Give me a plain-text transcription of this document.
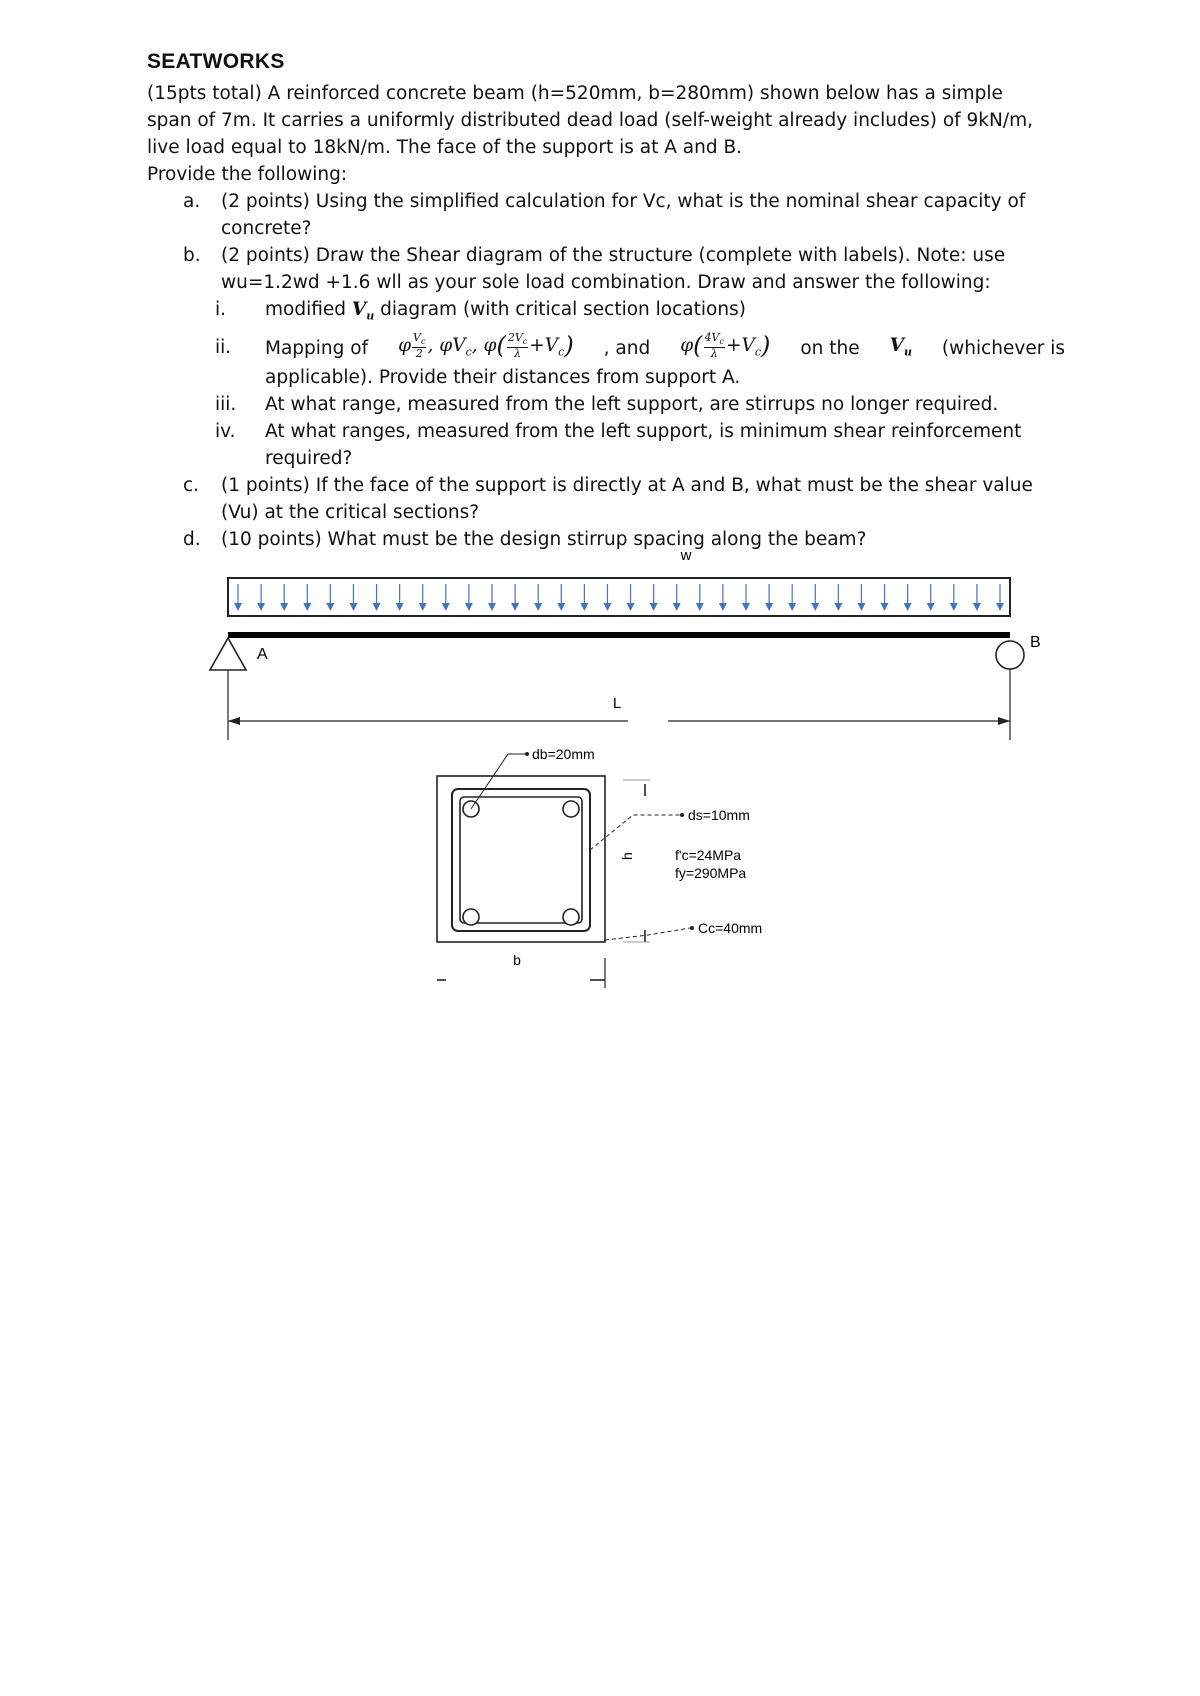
SEATWORKS
(15pts total) A reinforced concrete beam (h=520mm, b=280mm) shown below has a simple
span of 7m. It carries a uniformly distributed dead load (self-weight already includes) of 9kN/m,
live load equal to 18kN/m. The face of the support is at A and B.
Provide the following:
a. (2 points) Using the simplified calculation for Vc, what is the nominal shear capacity of
concrete?
b. (2 points) Draw the Shear diagram of the structure (complete with labels). Note: use
wu=1.2wd +1.6 wll as your sole load combination. Draw and answer the following:
i. modified $V_u$ diagram (with critical section locations)
ii. Mapping of φ $\frac{V_c}{2}$ , $\varphi V_c$, $\varphi( \frac{2V_c}{\lambda} +V_c)$ , and $\varphi( \frac{4V_c}{\lambda} +V_c)$ on the $V_u$ (whichever is
applicable). Provide their distances from support A.
iii. At what range, measured from the left support, are stirrups no longer required.
iv. At what ranges, measured from the left support, is minimum shear reinforcement
required?
c. (1 points) If the face of the support is directly at A and B, what must be the shear value
(Vu) at the critical sections?
d. (10 points) What must be the design stirrup spacing along the beam?
w
A
B
L
db=20mm
ds=10mm
f'c=24MPa
fy=290MPa
Cc=40mm
h
b
